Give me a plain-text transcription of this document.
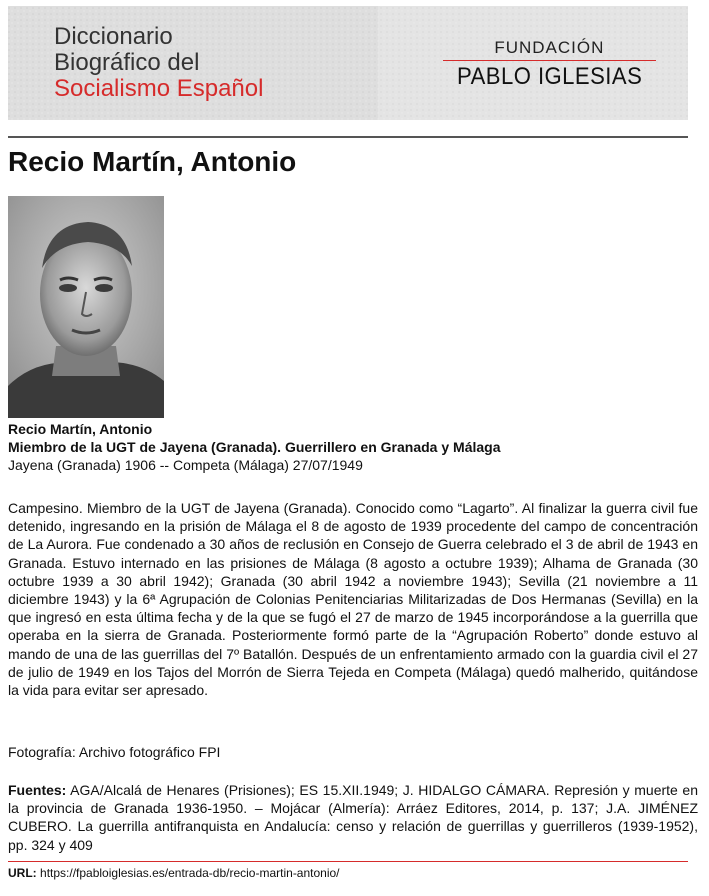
Diccionario
Biográfico del
Socialismo Español
FUNDACIÓN
PABLO IGLESIAS
Recio Martín, Antonio
Recio Martín, Antonio
Miembro de la UGT de Jayena (Granada). Guerrillero en Granada y Málaga
Jayena (Granada) 1906 -- Competa (Málaga) 27/07/1949

Campesino. Miembro de la UGT de Jayena (Granada). Conocido como “Lagarto”. Al finalizar la guerra civil fue detenido, ingresando en la prisión de Málaga el 8 de agosto de 1939 procedente del campo de concentración de La Aurora. Fue condenado a 30 años de reclusión en Consejo de Guerra celebrado el 3 de abril de 1943 en Granada. Estuvo internado en las prisiones de Málaga (8 agosto a octubre 1939); Alhama de Granada (30 octubre 1939 a 30 abril 1942); Granada (30 abril 1942 a noviembre 1943); Sevilla (21 noviembre a 11 diciembre 1943) y la 6ª Agrupación de Colonias Penitenciarias Militarizadas de Dos Hermanas (Sevilla) en la que ingresó en esta última fecha y de la que se fugó el 27 de marzo de 1945 incorporándose a la guerrilla que operaba en la sierra de Granada. Posteriormente formó parte de la “Agrupación Roberto” donde estuvo al mando de una de las guerrillas del 7º Batallón. Después de un enfrentamiento armado con la guardia civil el 27 de julio de 1949 en los Tajos del Morrón de Sierra Tejeda en Competa (Málaga) quedó malherido, quitándose la vida para evitar ser apresado.

Fotografía: Archivo fotográfico FPI
Fuentes: AGA/Alcalá de Henares (Prisiones); ES 15.XII.1949; J. HIDALGO CÁMARA. Represión y muerte en la provincia de Granada 1936-1950. – Mojácar (Almería): Arráez Editores, 2014, p. 137; J.A. JIMÉNEZ CUBERO. La guerrilla antifranquista en Andalucía: censo y relación de guerrillas y guerrilleros (1939-1952), pp. 324 y 409
URL: https://fpabloiglesias.es/entrada-db/recio-martin-antonio/
